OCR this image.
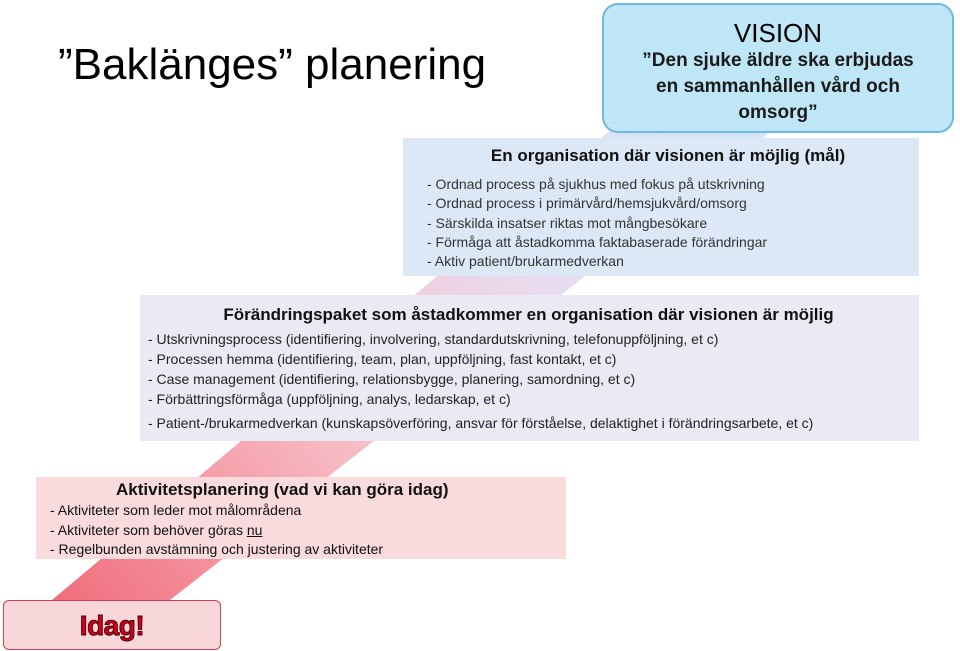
”Baklänges” planering
VISION
”Den sjuke äldre ska erbjudas
en sammanhållen vård och
omsorg”
En organisation där visionen är möjlig (mål)
- Ordnad process på sjukhus med fokus på utskrivning
- Ordnad process i primärvård/hemsjukvård/omsorg
- Särskilda insatser riktas mot mångbesökare
- Förmåga att åstadkomma faktabaserade förändringar
- Aktiv patient/brukarmedverkan
Förändringspaket som åstadkommer en organisation där visionen är möjlig
- Utskrivningsprocess (identifiering, involvering, standardutskrivning, telefonuppföljning, et c)
- Processen hemma (identifiering, team, plan, uppföljning, fast kontakt, et c)
- Case management (identifiering, relationsbygge, planering, samordning, et c)
- Förbättringsförmåga (uppföljning, analys, ledarskap, et c)
- Patient-/brukarmedverkan (kunskapsöverföring, ansvar för förståelse, delaktighet i förändringsarbete, et c)
Aktivitetsplanering (vad vi kan göra idag)
- Aktiviteter som leder mot målområdena
- Aktiviteter som behöver göras nu
- Regelbunden avstämning och justering av aktiviteter
Idag!
